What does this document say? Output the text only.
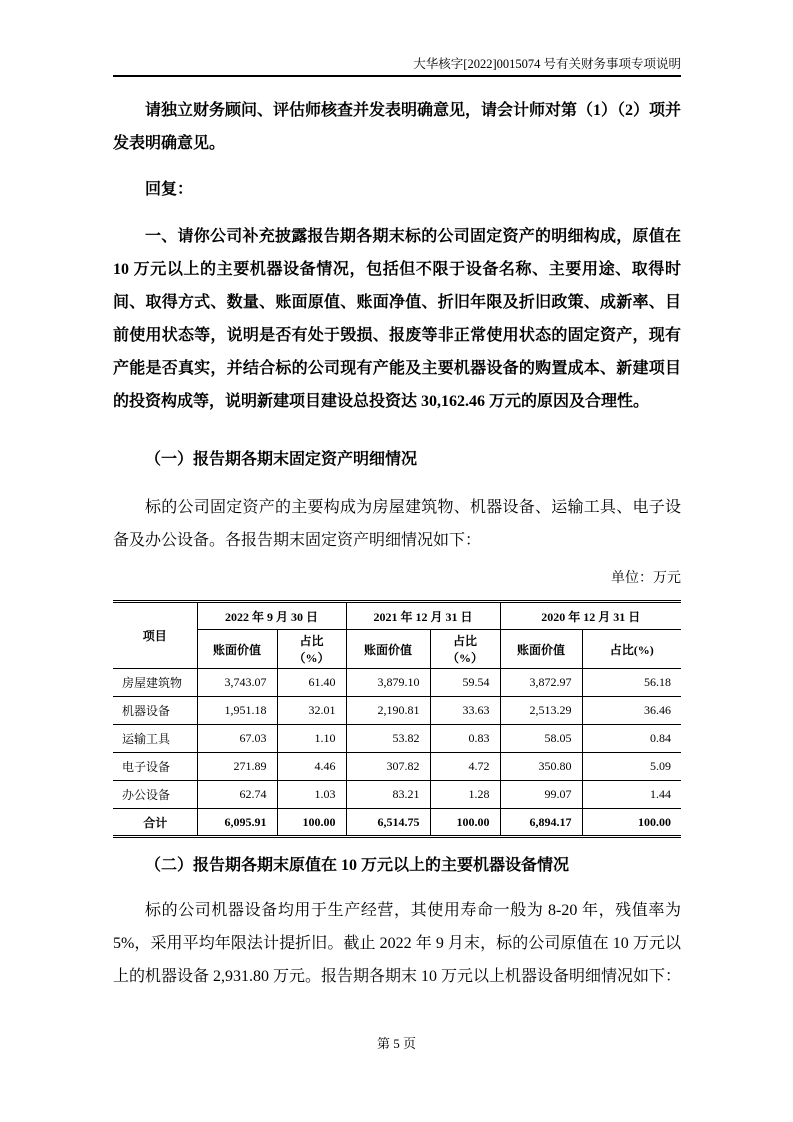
大华核字[2022]0015074 号有关财务事项专项说明

请独立财务顾问、评估师核查并发表明确意见，请会计师对第（1）（2）项并发表明确意见。

回复：

一、请你公司补充披露报告期各期末标的公司固定资产的明细构成，原值在 10 万元以上的主要机器设备情况，包括但不限于设备名称、主要用途、取得时间、取得方式、数量、账面原值、账面净值、折旧年限及折旧政策、成新率、目前使用状态等，说明是否有处于毁损、报废等非正常使用状态的固定资产，现有产能是否真实，并结合标的公司现有产能及主要机器设备的购置成本、新建项目的投资构成等，说明新建项目建设总投资达 30,162.46 万元的原因及合理性。

（一）报告期各期末固定资产明细情况

标的公司固定资产的主要构成为房屋建筑物、机器设备、运输工具、电子设备及办公设备。各报告期末固定资产明细情况如下：

单位：万元
项目	2022 年 9 月 30 日		2021 年 12 月 31 日		2020 年 12 月 31 日	
	账面价值	占比 （%）	账面价值	占比 （%）	账面价值	占比(%)
房屋建筑物	3,743.07	61.40	3,879.10	59.54	3,872.97	56.18
机器设备	1,951.18	32.01	2,190.81	33.63	2,513.29	36.46
运输工具	67.03	1.10	53.82	0.83	58.05	0.84
电子设备	271.89	4.46	307.82	4.72	350.80	5.09
办公设备	62.74	1.03	83.21	1.28	99.07	1.44
合计	6,095.91	100.00	6,514.75	100.00	6,894.17	100.00
（二）报告期各期末原值在 10 万元以上的主要机器设备情况

标的公司机器设备均用于生产经营，其使用寿命一般为 8-20 年，残值率为 5%，采用平均年限法计提折旧。截止 2022 年 9 月末，标的公司原值在 10 万元以上的机器设备 2,931.80 万元。报告期各期末 10 万元以上机器设备明细情况如下：

第 5 页
